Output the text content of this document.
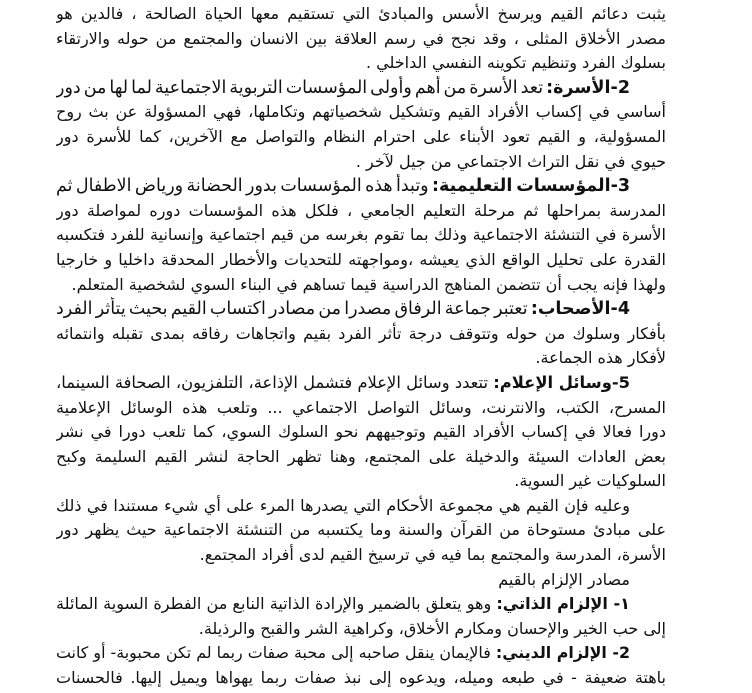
يثبت دعائم القيم ويرسخ الأسس والمبادئ التي تستقيم معها الحياة الصالحة ، فالدين هو
مصدر الأخلاق المثلى ، وقد نجح في رسم العلاقة بين الانسان والمجتمع من حوله والارتقاء
بسلوك الفرد وتنظيم تكوينه النفسي الداخلي .
2-الأسرة: تعد الأسرة من أهم وأولى المؤسسات التربوية الاجتماعية لما لها من دور
أساسي في إكساب الأفراد القيم وتشكيل شخصياتهم وتكاملها، فهي المسؤولة عن بث روح
المسؤولية، و القيم تعود الأبناء على احترام النظام والتواصل مع الآخرين، كما للأسرة دور
حيوي في نقل التراث الاجتماعي من جيل لآخر .
3-المؤسسات التعليمية: وتبدأ هذه المؤسسات بدور الحضانة ورياض الاطفال ثم
المدرسة بمراحلها ثم مرحلة التعليم الجامعي ، فلكل هذه المؤسسات دوره لمواصلة دور
الأسرة في التنشئة الاجتماعية وذلك بما تقوم بغرسه من قيم اجتماعية وإنسانية للفرد فتكسبه
القدرة على تحليل الواقع الذي يعيشه ،ومواجهته للتحديات والأخطار المحدقة داخليا و خارجيا
ولهذا فإنه يجب أن تتضمن المناهج الدراسية قيما تساهم في البناء السوي لشخصية المتعلم.
4-الأصحاب: تعتبر جماعة الرفاق مصدرا من مصادر اكتساب القيم بحيث يتأثر الفرد
بأفكار وسلوك من حوله وتتوقف درجة تأثر الفرد بقيم واتجاهات رفاقه بمدى تقبله وانتمائه
لأفكار هذه الجماعة.
5-وسائل الإعلام: تتعدد وسائل الإعلام فتشمل الإذاعة، التلفزيون، الصحافة السينما،
المسرح، الكتب، والانترنت، وسائل التواصل الاجتماعي ... وتلعب هذه الوسائل الإعلامية
دورا فعالا في إكساب الأفراد القيم وتوجيههم نحو السلوك السوي، كما تلعب دورا في نشر
بعض العادات السيئة والدخيلة على المجتمع، وهنا تظهر الحاجة لنشر القيم السليمة وكبح
السلوكيات غير السوية.
وعليه فإن القيم هي مجموعة الأحكام التي يصدرها المرء على أي شيء مستندا في ذلك
على مبادئ مستوحاة من القرآن والسنة وما يكتسبه من التنشئة الاجتماعية حيث يظهر دور
الأسرة، المدرسة والمجتمع بما فيه في ترسيخ القيم لدى أفراد المجتمع.
مصادر الإلزام بالقيم
١- الإلزام الذاتي: وهو يتعلق بالضمير والإرادة الذاتية النابع من الفطرة السوية المائلة
إلى حب الخير والإحسان ومكارم الأخلاق، وكراهية الشر والقبح والرذيلة.
2- الإلزام الديني: فالإيمان ينقل صاحبه إلى محبة صفات ربما لم تكن محبوبة- أو كانت
باهتة ضعيفة - في طبعه وميله، ويدعوه إلى نبذ صفات ربما يهواها ويميل إليها. فالحسنات
